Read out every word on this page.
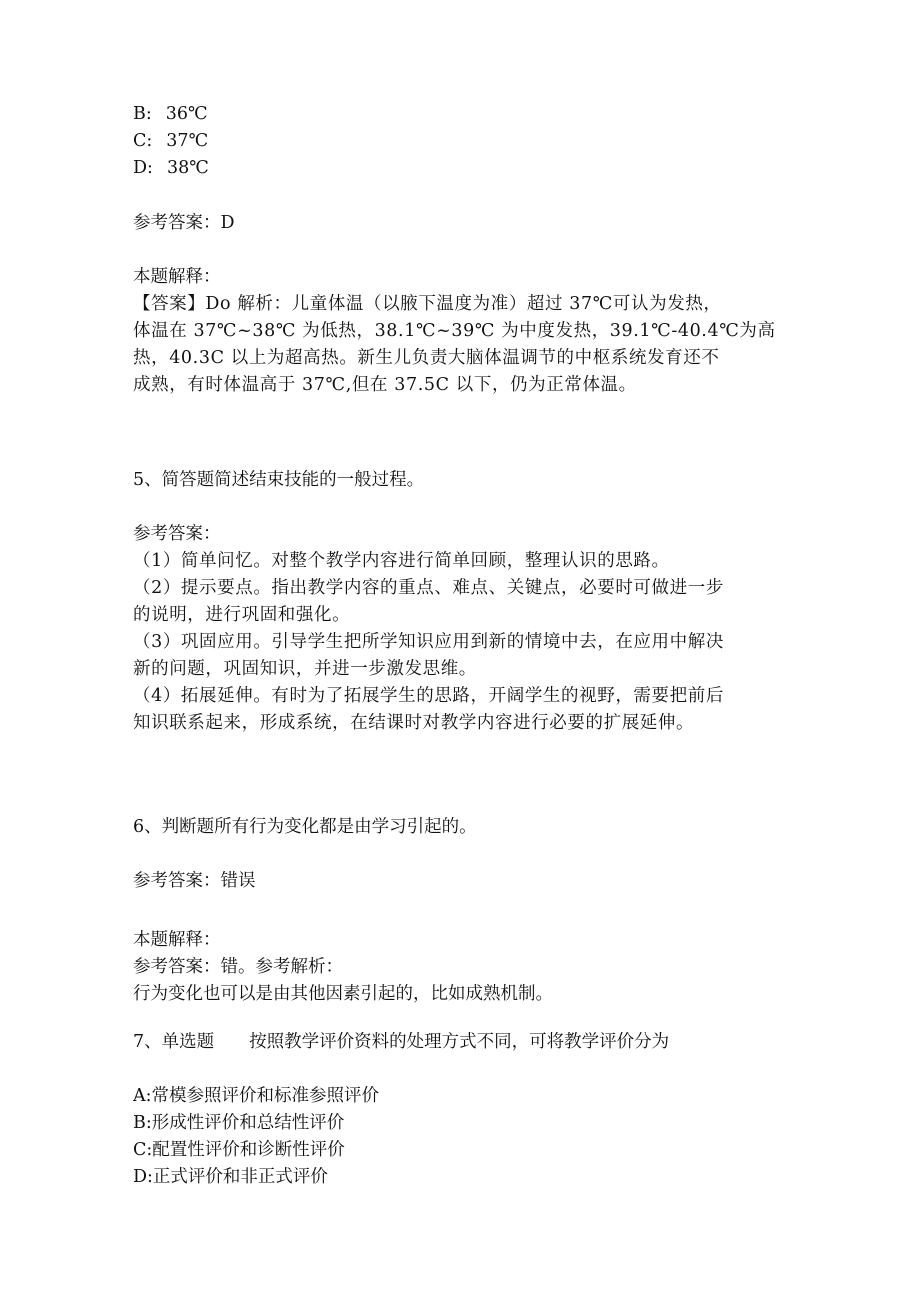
B: 36℃
C: 37℃
D: 38℃
参考答案：D
本题解释：
【答案】Do 解析：儿童体温（以腋下温度为准）超过 37℃可认为发热，
体温在 37℃~38℃ 为低热，38.1℃~39℃ 为中度发热，39.1℃-40.4℃为高
热，40.3C 以上为超高热。新生儿负责大脑体温调节的中枢系统发育还不
成熟，有时体温高于 37℃,但在 37.5C 以下，仍为正常体温。
5、简答题简述结束技能的一般过程。
参考答案：
（1）简单问忆。对整个教学内容进行简单回顾，整理认识的思路。
（2）提示要点。指出教学内容的重点、难点、关键点，必要时可做进一步
的说明，进行巩固和强化。
（3）巩固应用。引导学生把所学知识应用到新的情境中去，在应用中解决
新的问题，巩固知识，并进一步激发思维。
（4）拓展延伸。有时为了拓展学生的思路，开阔学生的视野，需要把前后
知识联系起来，形成系统，在结课时对教学内容进行必要的扩展延伸。
6、判断题所有行为变化都是由学习引起的。
参考答案：错误
本题解释：
参考答案：错。参考解析：
行为变化也可以是由其他因素引起的，比如成熟机制。
7、单选题　　按照教学评价资料的处理方式不同，可将教学评价分为
A:常模参照评价和标准参照评价
B:形成性评价和总结性评价
C:配置性评价和诊断性评价
D:正式评价和非正式评价
